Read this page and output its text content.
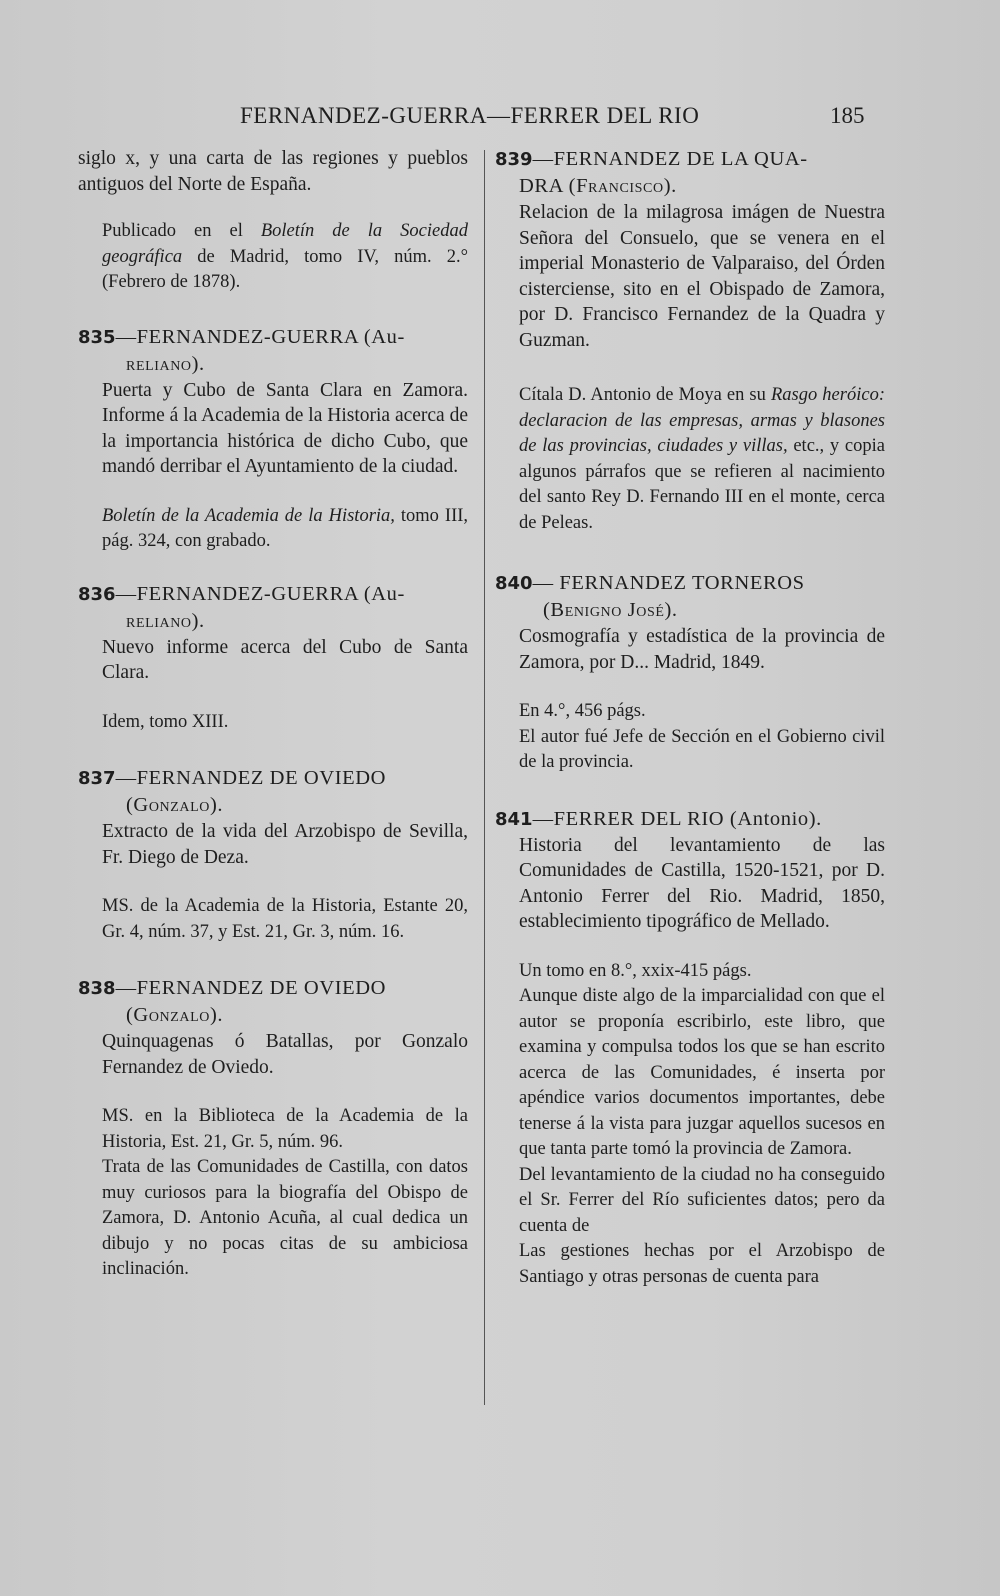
FERNANDEZ-GUERRA—FERRER DEL RIO	185

siglo x, y una carta de las regiones y pueblos antiguos del Norte de España.

Publicado en el Boletín de la Sociedad geográfica de Madrid, tomo IV, núm. 2.° (Febrero de 1878).

835—FERNANDEZ-GUERRA (Au-
reliano).

Puerta y Cubo de Santa Clara en Zamora. Informe á la Academia de la Historia acerca de la importancia histórica de dicho Cubo, que mandó derribar el Ayuntamiento de la ciudad.

Boletín de la Academia de la Historia, tomo III, pág. 324, con grabado.

836—FERNANDEZ-GUERRA (Au-
reliano).

Nuevo informe acerca del Cubo de Santa Clara.

Idem, tomo XIII.

837—FERNANDEZ DE OVIEDO
(Gonzalo).

Extracto de la vida del Arzobispo de Sevilla, Fr. Diego de Deza.

MS. de la Academia de la Historia, Estante 20, Gr. 4, núm. 37, y Est. 21, Gr. 3, núm. 16.

838—FERNANDEZ DE OVIEDO
(Gonzalo).

Quinquagenas ó Batallas, por Gonzalo Fernandez de Oviedo.

MS. en la Biblioteca de la Academia de la Historia, Est. 21, Gr. 5, núm. 96.

Trata de las Comunidades de Castilla, con datos muy curiosos para la biografía del Obispo de Zamora, D. Antonio Acuña, al cual dedica un dibujo y no pocas citas de su ambiciosa inclinación.

839—FERNANDEZ DE LA QUA-
DRA (Francisco).

Relacion de la milagrosa imágen de Nuestra Señora del Consuelo, que se venera en el imperial Monasterio de Valparaiso, del Órden cisterciense, sito en el Obispado de Zamora, por D. Francisco Fernandez de la Quadra y Guzman.

Cítala D. Antonio de Moya en su Rasgo heróico: declaracion de las empresas, armas y blasones de las provincias, ciudades y villas, etc., y copia algunos párrafos que se refieren al nacimiento del santo Rey D. Fernando III en el monte, cerca de Peleas.

840— FERNANDEZ TORNEROS
(Benigno José).

Cosmografía y estadística de la provincia de Zamora, por D... Madrid, 1849.

En 4.°, 456 págs.

El autor fué Jefe de Sección en el Gobierno civil de la provincia.

841—FERRER DEL RIO (Antonio).

Historia del levantamiento de las Comunidades de Castilla, 1520-1521, por D. Antonio Ferrer del Rio. Madrid, 1850, establecimiento tipográfico de Mellado.

Un tomo en 8.°, xxix-415 págs.

Aunque diste algo de la imparcialidad con que el autor se proponía escribirlo, este libro, que examina y compulsa todos los que se han escrito acerca de las Comunidades, é inserta por apéndice varios documentos importantes, debe tenerse á la vista para juzgar aquellos sucesos en que tanta parte tomó la provincia de Zamora.

Del levantamiento de la ciudad no ha conseguido el Sr. Ferrer del Río suficientes datos; pero da cuenta de

Las gestiones hechas por el Arzobispo de Santiago y otras personas de cuenta para
